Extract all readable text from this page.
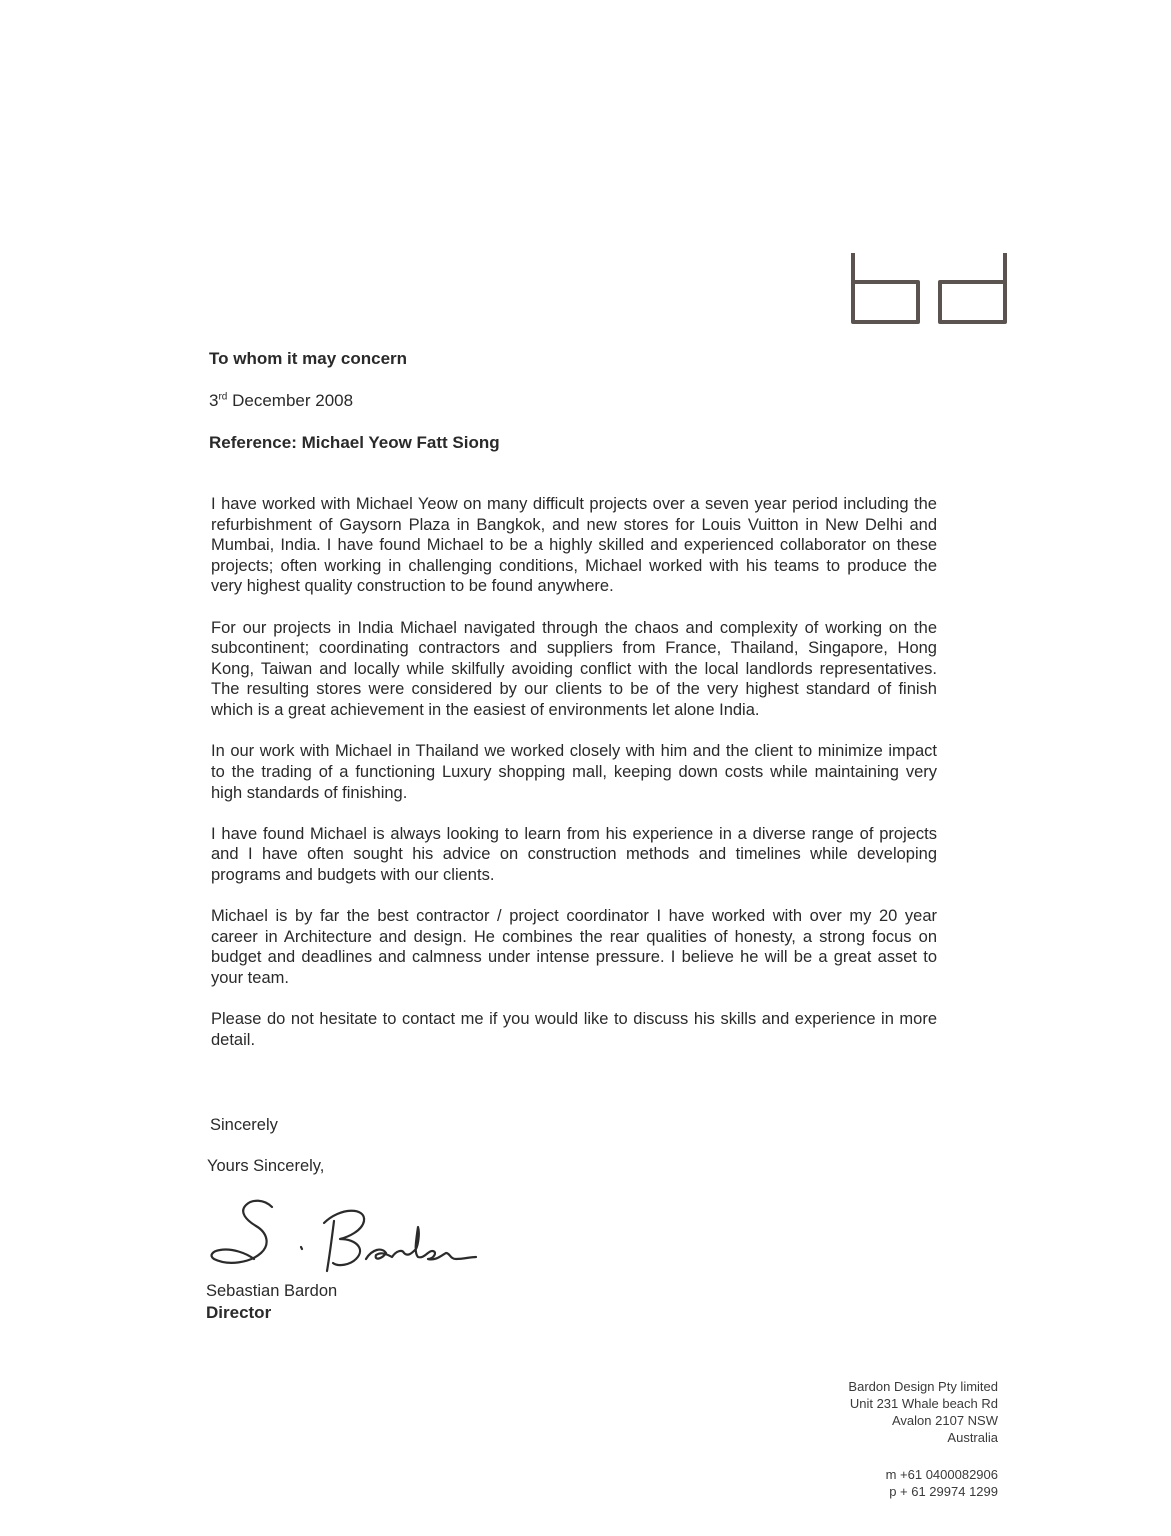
To whom it may concern
3rd December 2008
Reference: Michael Yeow Fatt Siong

I have worked with Michael Yeow on many difficult projects over a seven year period including the refurbishment of Gaysorn Plaza in Bangkok, and new stores for Louis Vuitton in New Delhi and Mumbai, India. I have found Michael to be a highly skilled and experienced collaborator on these projects; often working in challenging conditions, Michael worked with his teams to produce the very highest quality construction to be found anywhere.

For our projects in India Michael navigated through the chaos and complexity of working on the subcontinent; coordinating contractors and suppliers from France, Thailand, Singapore, Hong Kong, Taiwan and locally while skilfully avoiding conflict with the local landlords representatives. The resulting stores were considered by our clients to be of the very highest standard of finish which is a great achievement in the easiest of environments let alone India.

In our work with Michael in Thailand we worked closely with him and the client to minimize impact to the trading of a functioning Luxury shopping mall, keeping down costs while maintaining very high standards of finishing.

I have found Michael is always looking to learn from his experience in a diverse range of projects and I have often sought his advice on construction methods and timelines while developing programs and budgets with our clients.

Michael is by far the best contractor / project coordinator I have worked with over my 20 year career in Architecture and design. He combines the rear qualities of honesty, a strong focus on budget and deadlines and calmness under intense pressure. I believe he will be a great asset to your team.

Please do not hesitate to contact me if you would like to discuss his skills and experience in more detail.

Sincerely
Yours Sincerely,
Sebastian Bardon
Director
Bardon Design Pty limited
Unit 231 Whale beach Rd
Avalon 2107 NSW
Australia
m +61 0400082906
p + 61 29974 1299
